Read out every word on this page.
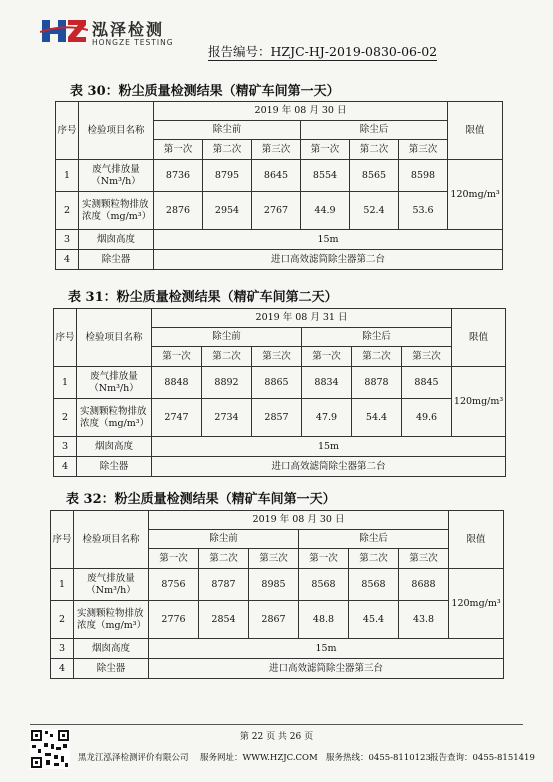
泓泽检测
HONGZE TESTING
报告编号：HZJC-HJ-2019-0830-06-02
表 30：粉尘质量检测结果（精矿车间第一天）
序号	检验项目名称	2019 年 08 月 30 日						限值
		除尘前			除尘后			
		第一次	第二次	第三次	第一次	第二次	第三次	
1	废气排放量（Nm³/h）	8736	8795	8645	8554	8565	8598	120mg/m³
2	实测颗粒物排放浓度（mg/m³）	2876	2954	2767	44.9	52.4	53.6	
3	烟囱高度	15m						
4	除尘器	进口高效滤筒除尘器第二台						
表 31：粉尘质量检测结果（精矿车间第二天）
序号	检验项目名称	2019 年 08 月 31 日						限值
		除尘前			除尘后			
		第一次	第二次	第三次	第一次	第二次	第三次	
1	废气排放量（Nm³/h）	8848	8892	8865	8834	8878	8845	120mg/m³
2	实测颗粒物排放浓度（mg/m³）	2747	2734	2857	47.9	54.4	49.6	
3	烟囱高度	15m						
4	除尘器	进口高效滤筒除尘器第二台						
表 32：粉尘质量检测结果（精矿车间第一天）
序号	检验项目名称	2019 年 08 月 30 日						限值
		除尘前			除尘后			
		第一次	第二次	第三次	第一次	第二次	第三次	
1	废气排放量（Nm³/h）	8756	8787	8985	8568	8568	8688	120mg/m³
2	实测颗粒物排放浓度（mg/m³）	2776	2854	2867	48.8	45.4	43.8	
3	烟囱高度	15m						
4	除尘器	进口高效滤筒除尘器第三台						
第 22 页 共 26 页
黑龙江泓泽检测评价有限公司 服务网址：WWW.HZJC.COM 服务热线：0455-8110123 报告查询：0455-8151419
